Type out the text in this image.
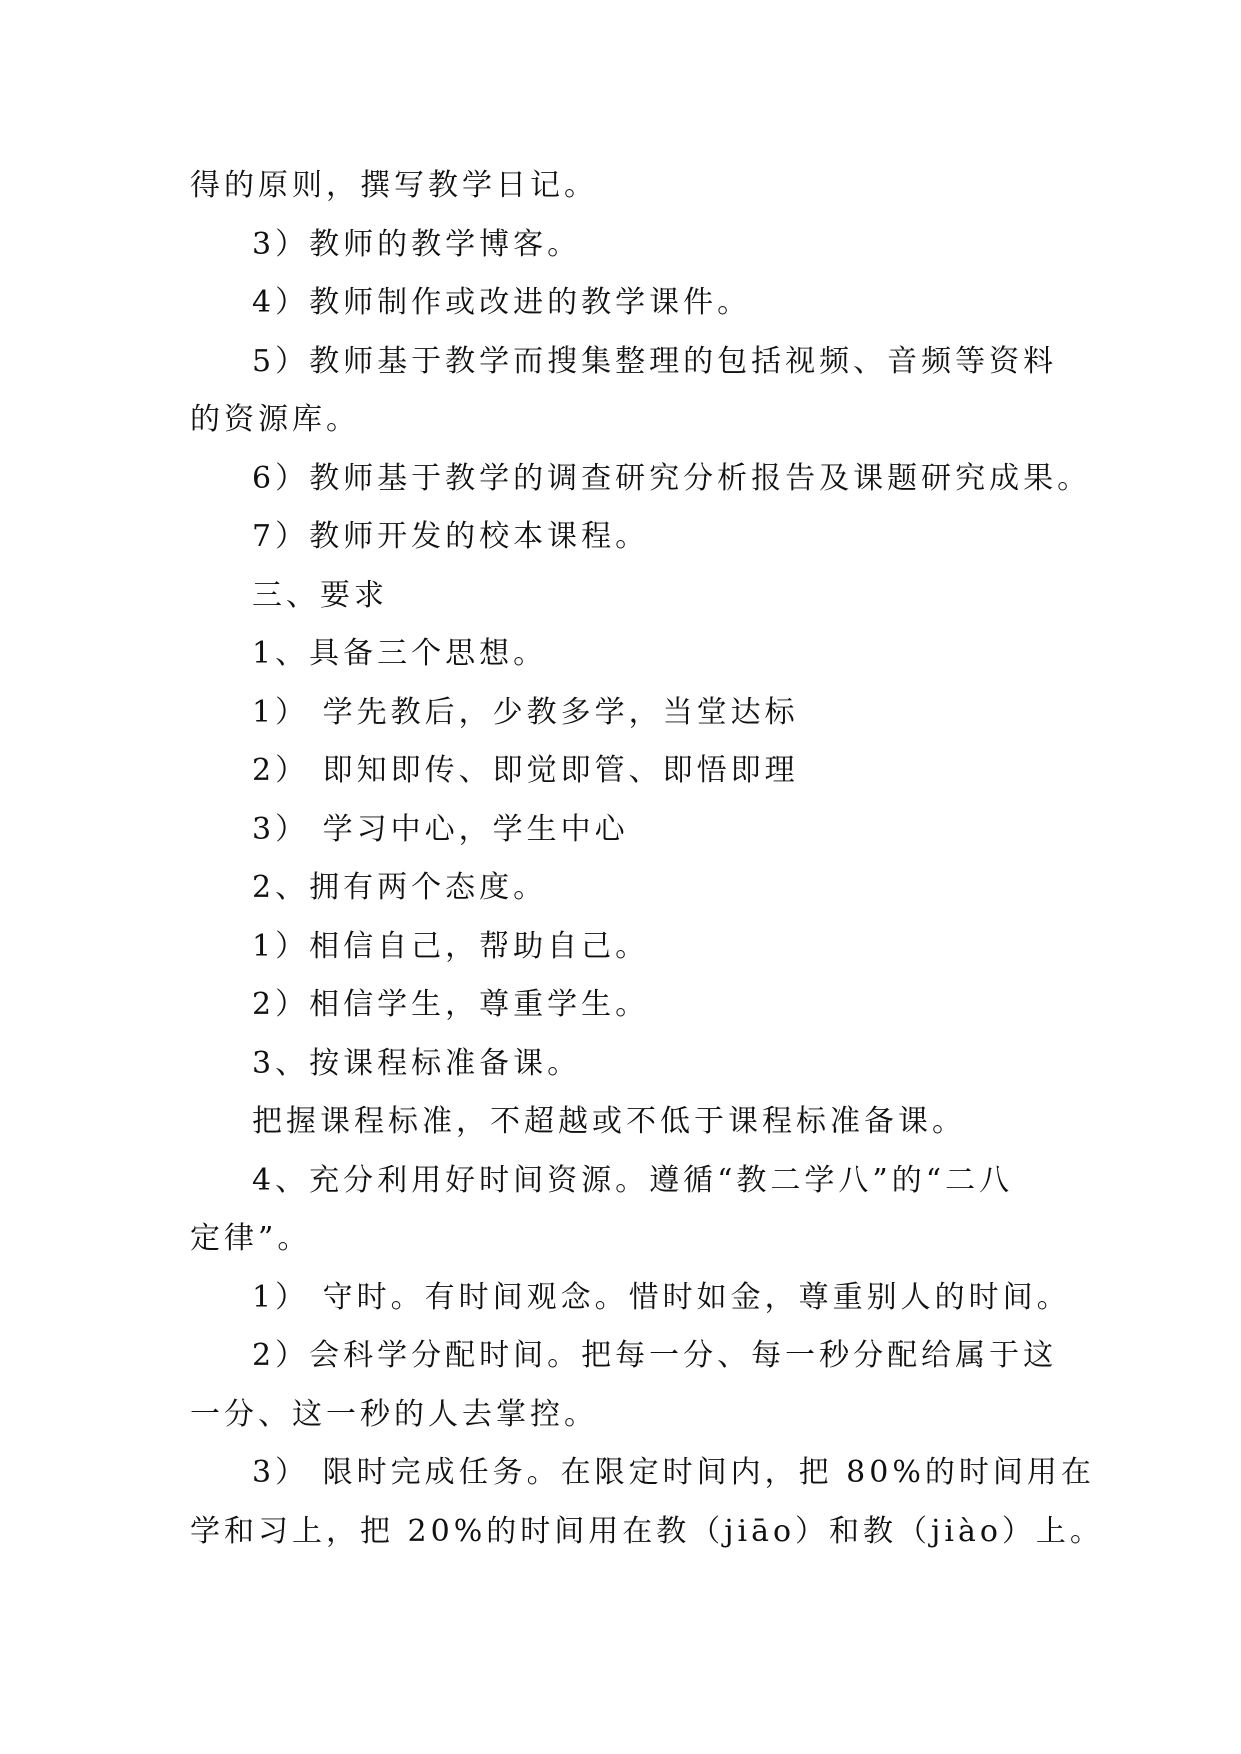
得的原则，撰写教学日记。
3）教师的教学博客。
4）教师制作或改进的教学课件。
5）教师基于教学而搜集整理的包括视频、音频等资料
的资源库。
6）教师基于教学的调查研究分析报告及课题研究成果。
7）教师开发的校本课程。
三、要求
1、具备三个思想。
1） 学先教后，少教多学，当堂达标
2） 即知即传、即觉即管、即悟即理
3） 学习中心，学生中心
2、拥有两个态度。
1）相信自己，帮助自己。
2）相信学生，尊重学生。
3、按课程标准备课。
把握课程标准，不超越或不低于课程标准备课。
4、充分利用好时间资源。遵循“教二学八”的“二八
定律”。
1） 守时。有时间观念。惜时如金，尊重别人的时间。
2）会科学分配时间。把每一分、每一秒分配给属于这
一分、这一秒的人去掌控。
3） 限时完成任务。在限定时间内，把 80%的时间用在
学和习上，把 20%的时间用在教（jiāo）和教（jiào）上。
